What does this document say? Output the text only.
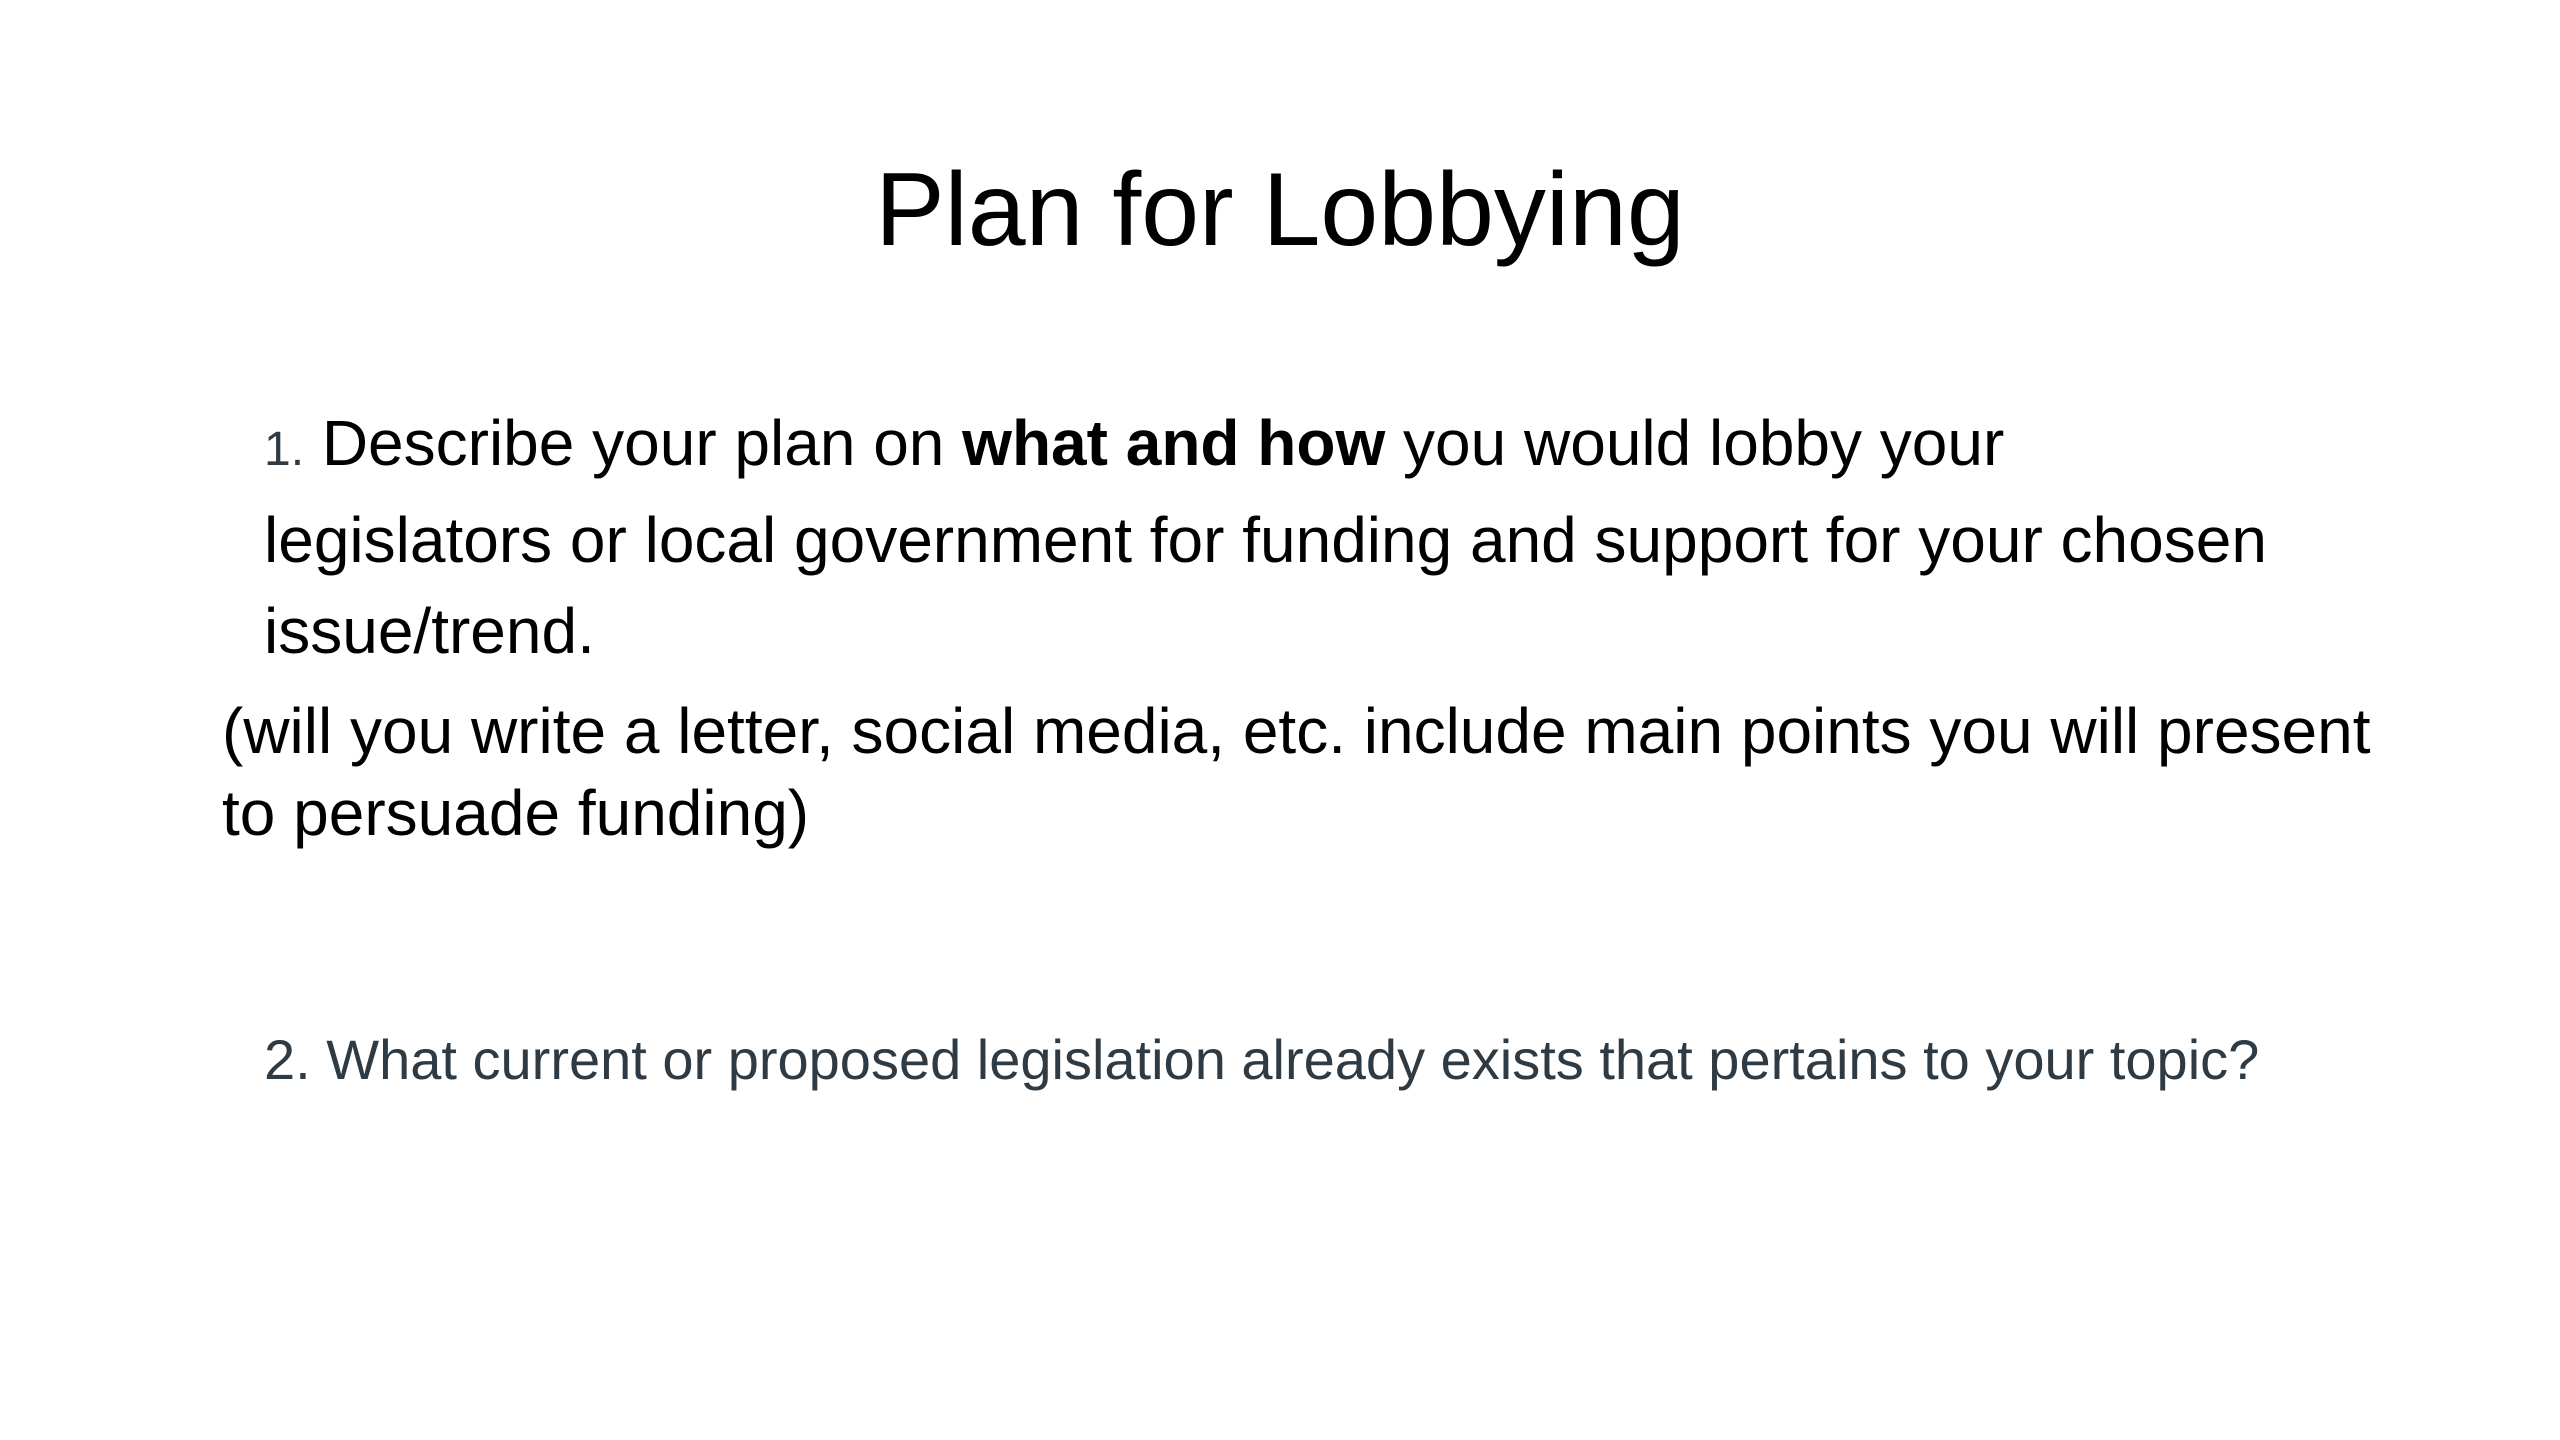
Plan for Lobbying
1. Describe your plan on what and how you would lobby your legislators or local government for funding and support for your chosen issue/trend.
(will you write a letter, social media, etc. include main points you will present to persuade funding)
2. What current or proposed legislation already exists that pertains to your topic?
